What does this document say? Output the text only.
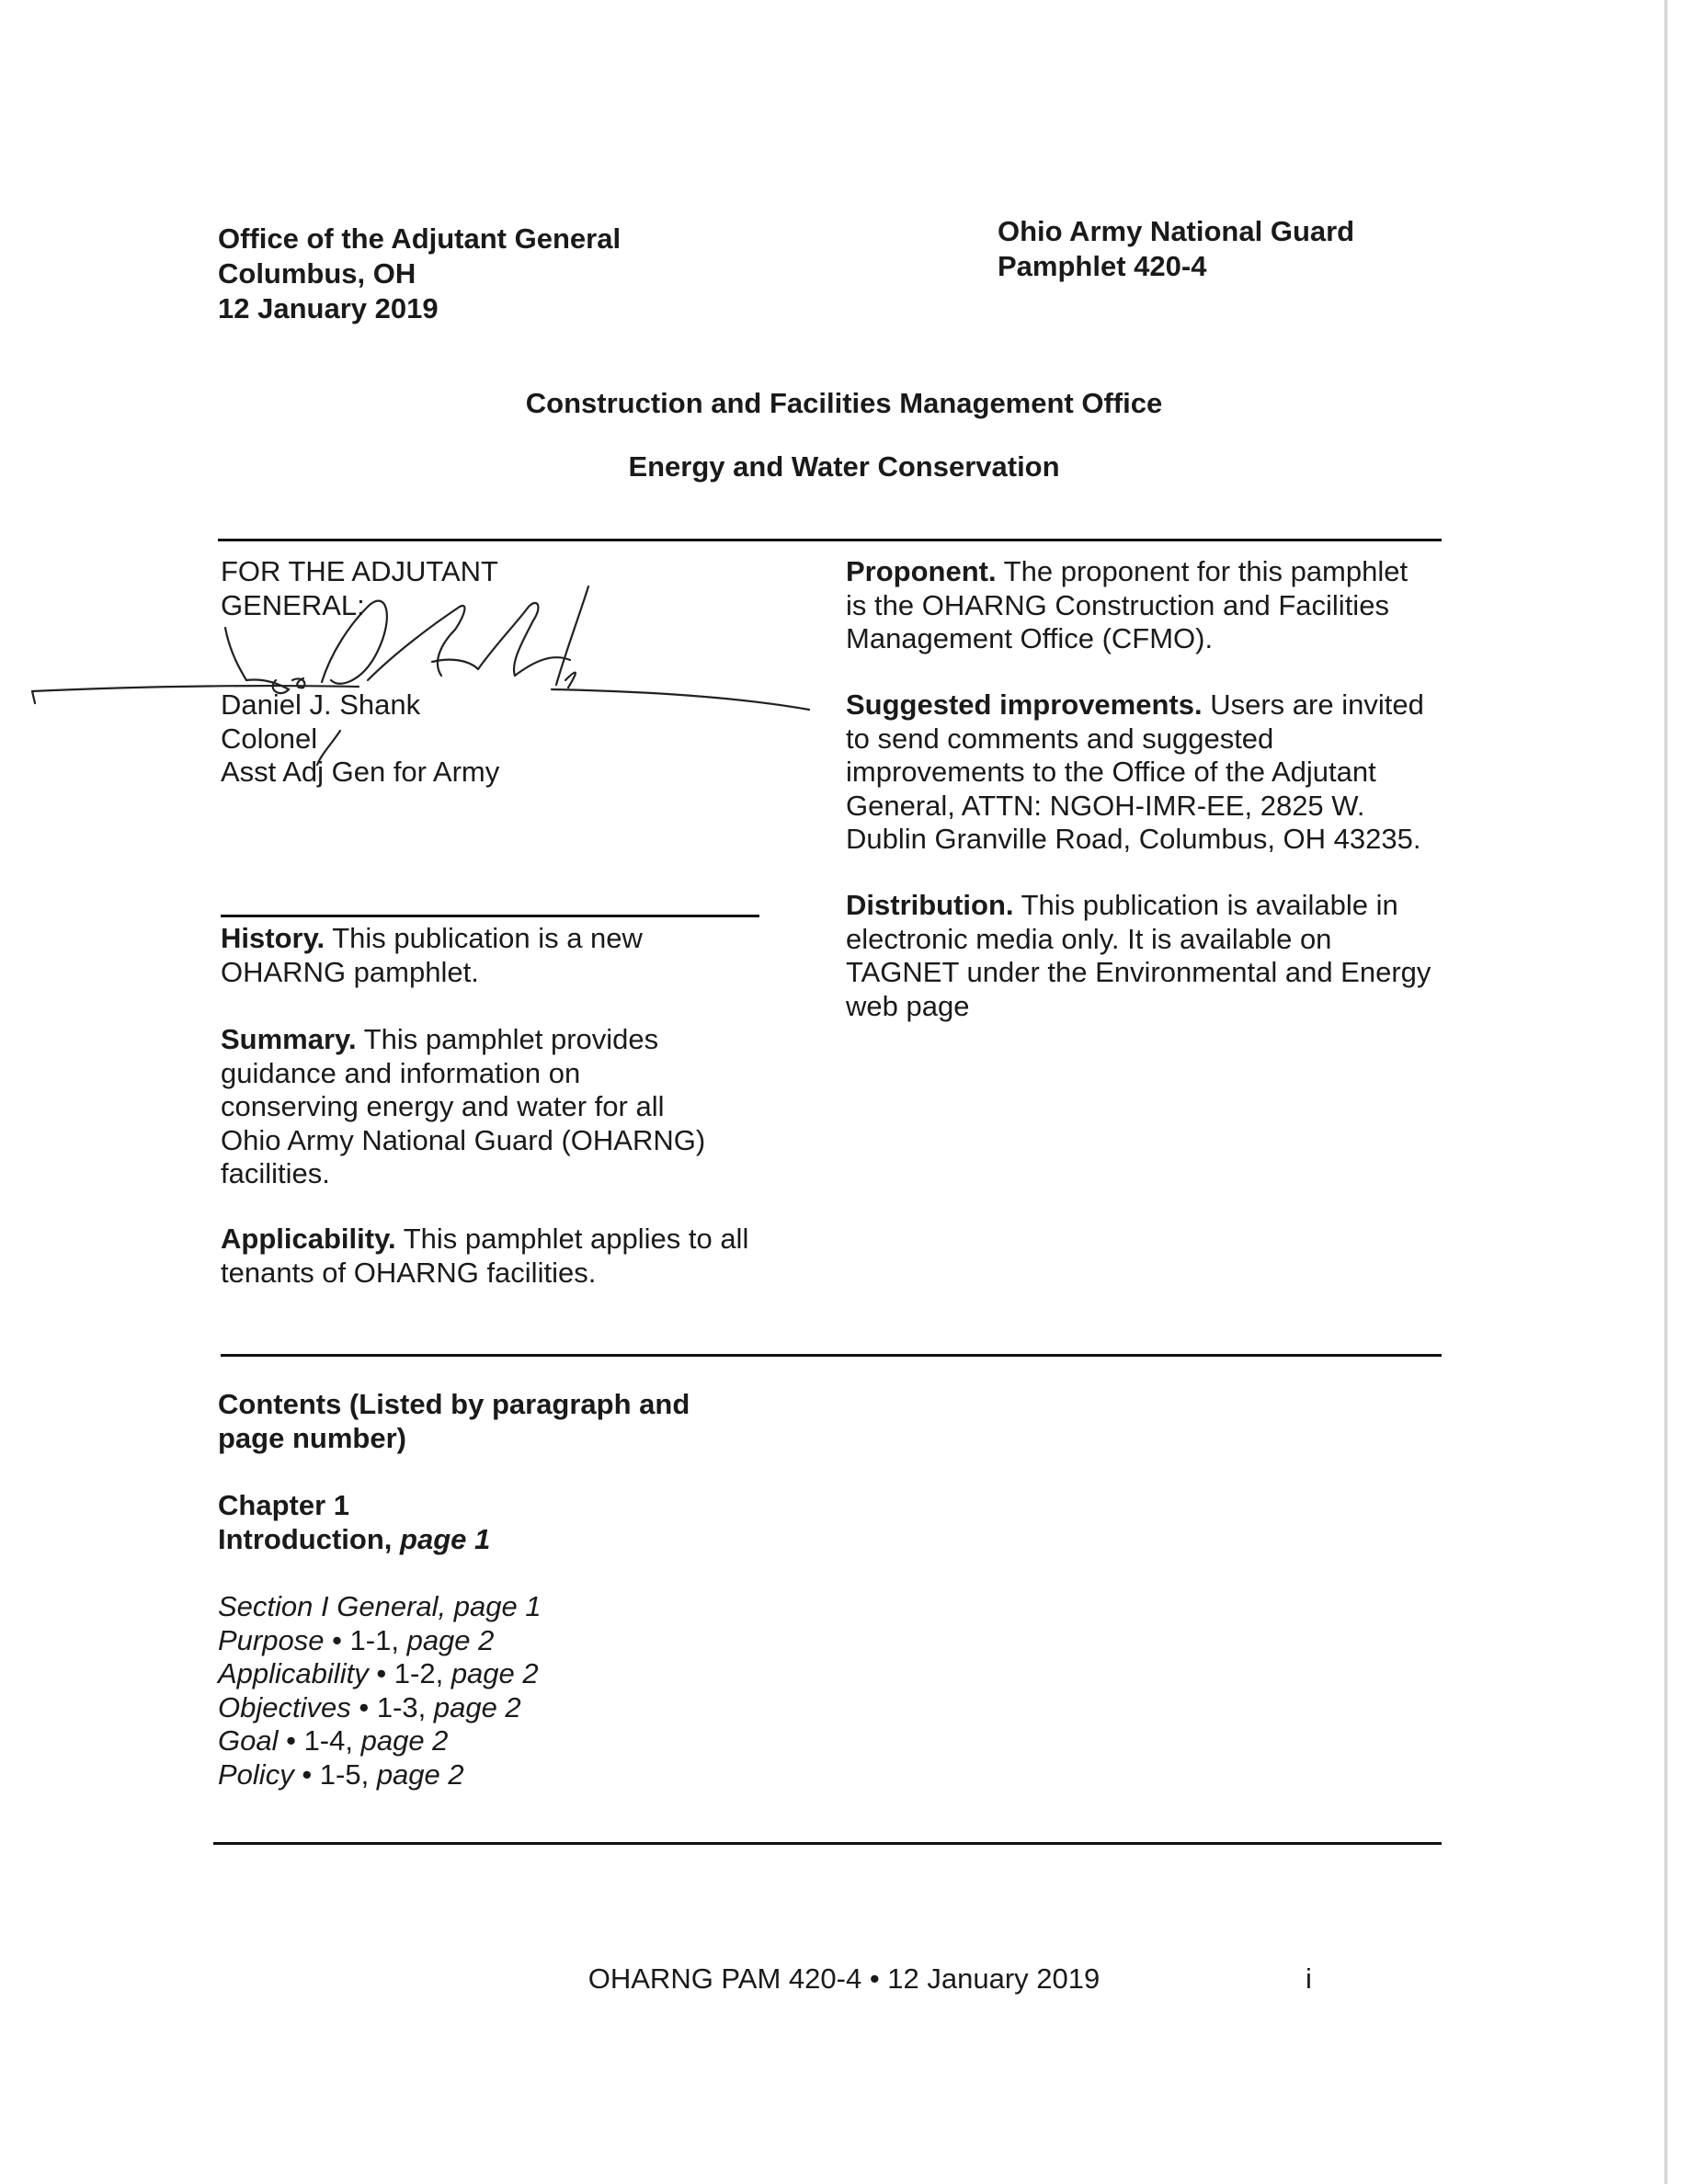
Office of the Adjutant General
Columbus, OH
12 January 2019
Ohio Army National Guard
Pamphlet 420-4
Construction and Facilities Management Office
Energy and Water Conservation
FOR THE ADJUTANT
GENERAL:
Daniel J. Shank
Colonel
Asst Adj Gen for Army
History. This publication is a new
OHARNG pamphlet.
Summary. This pamphlet provides
guidance and information on
conserving energy and water for all
Ohio Army National Guard (OHARNG)
facilities.
Applicability. This pamphlet applies to all
tenants of OHARNG facilities.
Proponent. The proponent for this pamphlet
is the OHARNG Construction and Facilities
Management Office (CFMO).
Suggested improvements. Users are invited
to send comments and suggested
improvements to the Office of the Adjutant
General, ATTN: NGOH-IMR-EE, 2825 W.
Dublin Granville Road, Columbus, OH 43235.
Distribution. This publication is available in
electronic media only. It is available on
TAGNET under the Environmental and Energy
web page
Contents (Listed by paragraph and
page number)
Chapter 1
Introduction, page 1
Section I General, page 1
Purpose • 1-1, page 2
Applicability • 1-2, page 2
Objectives • 1-3, page 2
Goal • 1-4, page 2
Policy • 1-5, page 2
OHARNG PAM 420-4 • 12 January 2019	i
